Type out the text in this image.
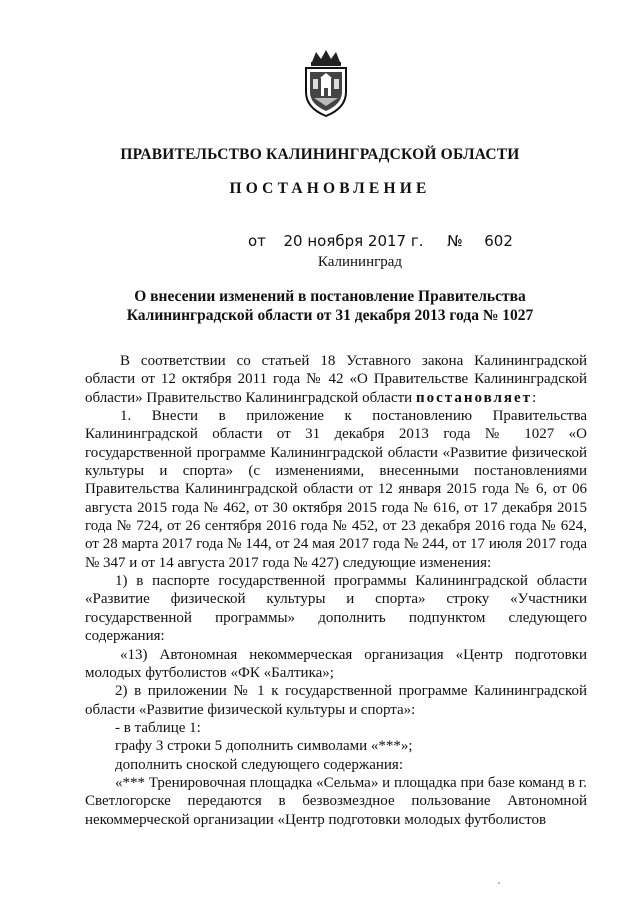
ПРАВИТЕЛЬСТВО КАЛИНИНГРАДСКОЙ ОБЛАСТИ
ПОСТАНОВЛЕНИЕ
от 20 ноября 2017 г. № 602
Калининград
О внесении изменений в постановление Правительства
Калининградской области от 31 декабря 2013 года № 1027

В соответствии со статьей 18 Уставного закона Калининградской области от 12 октября 2011 года № 42 «О Правительстве Калининградской области» Правительство Калининградской области постановляет:

1. Внести в приложение к постановлению Правительства Калининградской области от 31 декабря 2013 года № 1027 «О государственной программе Калининградской области «Развитие физической культуры и спорта» (с изменениями, внесенными постановлениями Правительства Калининградской области от 12 января 2015 года № 6, от 06 августа 2015 года № 462, от 30 октября 2015 года № 616, от 17 декабря 2015 года № 724, от 26 сентября 2016 года № 452, от 23 декабря 2016 года № 624, от 28 марта 2017 года № 144, от 24 мая 2017 года № 244, от 17 июля 2017 года № 347 и от 14 августа 2017 года № 427) следующие изменения:

1) в паспорте государственной программы Калининградской области «Развитие физической культуры и спорта» строку «Участники государственной программы» дополнить подпунктом следующего содержания:

«13) Автономная некоммерческая организация «Центр подготовки молодых футболистов «ФК «Балтика»;

2) в приложении № 1 к государственной программе Калининградской области «Развитие физической культуры и спорта»:

- в таблице 1:

графу 3 строки 5 дополнить символами «***»;

дополнить сноской следующего содержания:

«*** Тренировочная площадка «Сельма» и площадка при базе команд в г. Светлогорске передаются в безвозмездное пользование Автономной некоммерческой организации «Центр подготовки молодых футболистов
